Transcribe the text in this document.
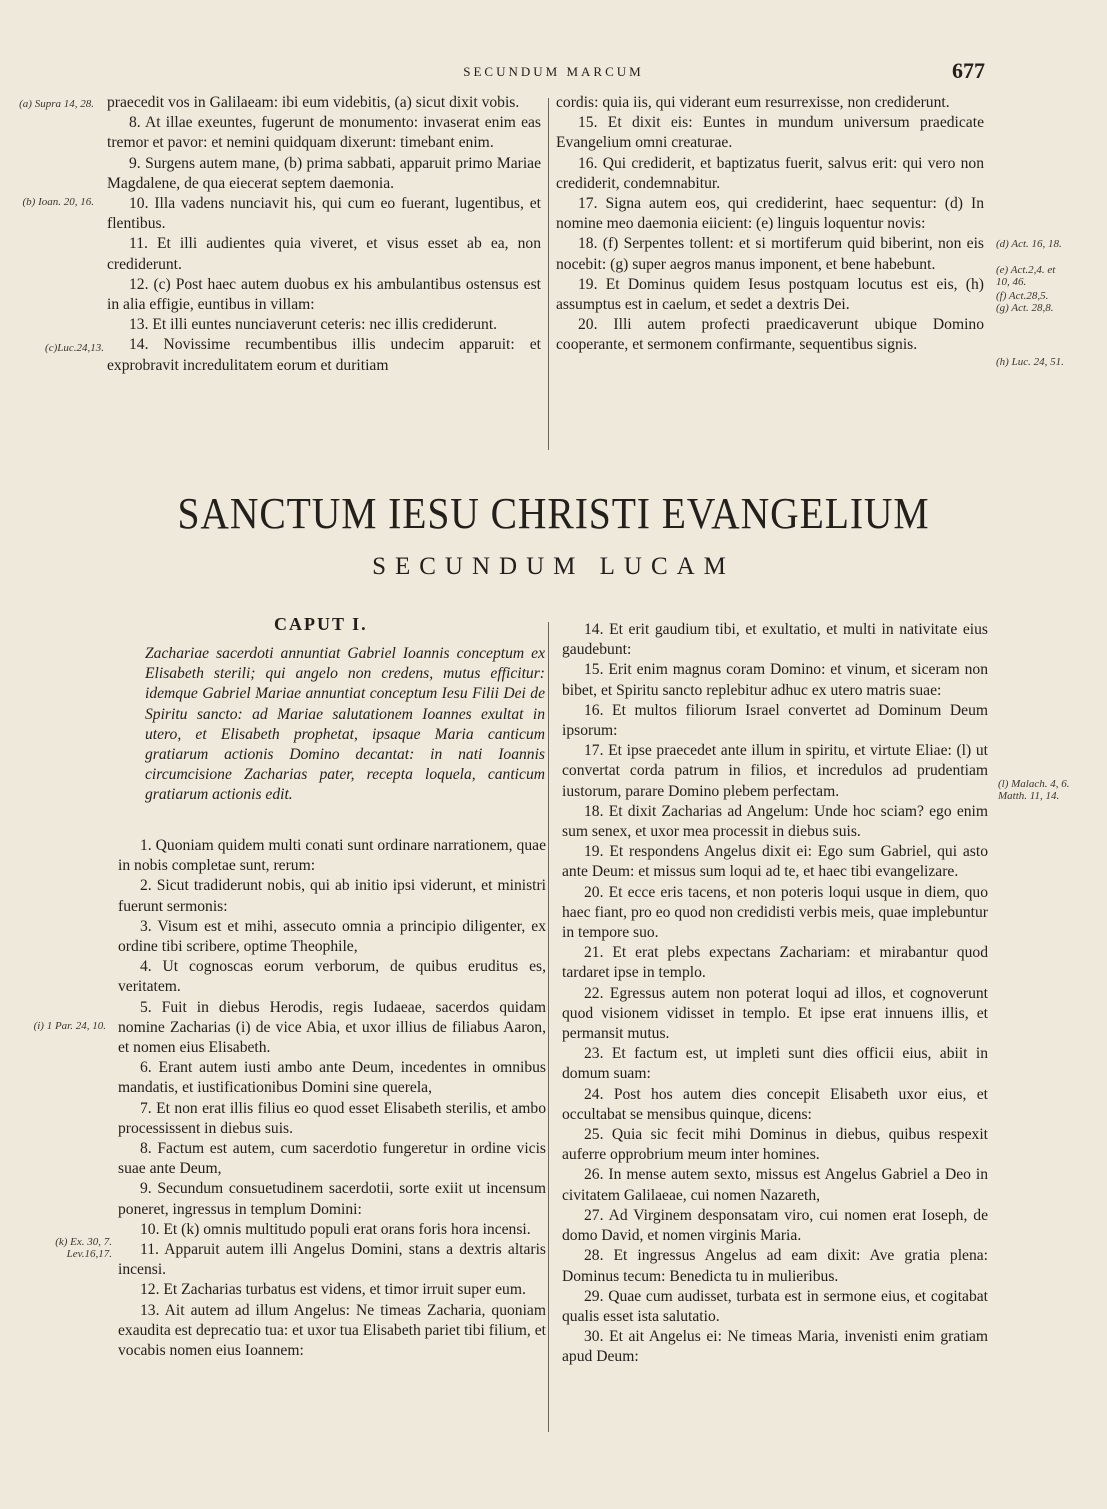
SECUNDUM MARCUM	677

praecedit vos in Galilaeam: ibi eum videbitis, (a) sicut dixit vobis.

8. At illae exeuntes, fugerunt de monumento: invaserat enim eas tremor et pavor: et nemini quidquam dixerunt: timebant enim.

9. Surgens autem mane, (b) prima sabbati, apparuit primo Mariae Magdalene, de qua eiecerat septem daemonia.

10. Illa vadens nunciavit his, qui cum eo fuerant, lugentibus, et flentibus.

11. Et illi audientes quia viveret, et visus esset ab ea, non crediderunt.

12. (c) Post haec autem duobus ex his ambulantibus ostensus est in alia effigie, euntibus in villam:

13. Et illi euntes nunciaverunt ceteris: nec illis crediderunt.

14. Novissime recumbentibus illis undecim apparuit: et exprobravit incredulitatem eorum et duritiam

cordis: quia iis, qui viderant eum resurrexisse, non crediderunt.

15. Et dixit eis: Euntes in mundum universum praedicate Evangelium omni creaturae.

16. Qui crediderit, et baptizatus fuerit, salvus erit: qui vero non crediderit, condemnabitur.

17. Signa autem eos, qui crediderint, haec sequentur: (d) In nomine meo daemonia eiicient: (e) linguis loquentur novis:

18. (f) Serpentes tollent: et si mortiferum quid biberint, non eis nocebit: (g) super aegros manus imponent, et bene habebunt.

19. Et Dominus quidem Iesus postquam locutus est eis, (h) assumptus est in caelum, et sedet a dextris Dei.

20. Illi autem profecti praedicaverunt ubique Domino cooperante, et sermonem confirmante, sequentibus signis.

(a) Supra 14, 28.
(b) Ioan. 20, 16.
(c)Luc.24,13.
(d) Act. 16, 18.
(e) Act.2,4. et 10, 46.
(f) Act.28,5.
(g) Act. 28,8.
(h) Luc. 24, 51.
SANCTUM IESU CHRISTI EVANGELIUM
SECUNDUM LUCAM
CAPUT I.

Zachariae sacerdoti annuntiat Gabriel Ioannis conceptum ex Elisabeth sterili; qui angelo non credens, mutus efficitur: idemque Gabriel Mariae annuntiat conceptum Iesu Filii Dei de Spiritu sancto: ad Mariae salutationem Ioannes exultat in utero, et Elisabeth prophetat, ipsaque Maria canticum gratiarum actionis Domino decantat: in nati Ioannis circumcisione Zacharias pater, recepta loquela, canticum gratiarum actionis edit.

1. Quoniam quidem multi conati sunt ordinare narrationem, quae in nobis completae sunt, rerum:

2. Sicut tradiderunt nobis, qui ab initio ipsi viderunt, et ministri fuerunt sermonis:

3. Visum est et mihi, assecuto omnia a principio diligenter, ex ordine tibi scribere, optime Theophile,

4. Ut cognoscas eorum verborum, de quibus eruditus es, veritatem.

5. Fuit in diebus Herodis, regis Iudaeae, sacerdos quidam nomine Zacharias (i) de vice Abia, et uxor illius de filiabus Aaron, et nomen eius Elisabeth.

6. Erant autem iusti ambo ante Deum, incedentes in omnibus mandatis, et iustificationibus Domini sine querela,

7. Et non erat illis filius eo quod esset Elisabeth sterilis, et ambo processissent in diebus suis.

8. Factum est autem, cum sacerdotio fungeretur in ordine vicis suae ante Deum,

9. Secundum consuetudinem sacerdotii, sorte exiit ut incensum poneret, ingressus in templum Domini:

10. Et (k) omnis multitudo populi erat orans foris hora incensi.

11. Apparuit autem illi Angelus Domini, stans a dextris altaris incensi.

12. Et Zacharias turbatus est videns, et timor irruit super eum.

13. Ait autem ad illum Angelus: Ne timeas Zacharia, quoniam exaudita est deprecatio tua: et uxor tua Elisabeth pariet tibi filium, et vocabis nomen eius Ioannem:

14. Et erit gaudium tibi, et exultatio, et multi in nativitate eius gaudebunt:

15. Erit enim magnus coram Domino: et vinum, et siceram non bibet, et Spiritu sancto replebitur adhuc ex utero matris suae:

16. Et multos filiorum Israel convertet ad Dominum Deum ipsorum:

17. Et ipse praecedet ante illum in spiritu, et virtute Eliae: (l) ut convertat corda patrum in filios, et incredulos ad prudentiam iustorum, parare Domino plebem perfectam.

18. Et dixit Zacharias ad Angelum: Unde hoc sciam? ego enim sum senex, et uxor mea processit in diebus suis.

19. Et respondens Angelus dixit ei: Ego sum Gabriel, qui asto ante Deum: et missus sum loqui ad te, et haec tibi evangelizare.

20. Et ecce eris tacens, et non poteris loqui usque in diem, quo haec fiant, pro eo quod non credidisti verbis meis, quae implebuntur in tempore suo.

21. Et erat plebs expectans Zachariam: et mirabantur quod tardaret ipse in templo.

22. Egressus autem non poterat loqui ad illos, et cognoverunt quod visionem vidisset in templo. Et ipse erat innuens illis, et permansit mutus.

23. Et factum est, ut impleti sunt dies officii eius, abiit in domum suam:

24. Post hos autem dies concepit Elisabeth uxor eius, et occultabat se mensibus quinque, dicens:

25. Quia sic fecit mihi Dominus in diebus, quibus respexit auferre opprobrium meum inter homines.

26. In mense autem sexto, missus est Angelus Gabriel a Deo in civitatem Galilaeae, cui nomen Nazareth,

27. Ad Virginem desponsatam viro, cui nomen erat Ioseph, de domo David, et nomen virginis Maria.

28. Et ingressus Angelus ad eam dixit: Ave gratia plena: Dominus tecum: Benedicta tu in mulieribus.

29. Quae cum audisset, turbata est in sermone eius, et cogitabat qualis esset ista salutatio.

30. Et ait Angelus ei: Ne timeas Maria, invenisti enim gratiam apud Deum:

(i) 1 Par. 24, 10.
(k) Ex. 30, 7. Lev.16,17.
(l) Malach. 4, 6. Matth. 11, 14.
